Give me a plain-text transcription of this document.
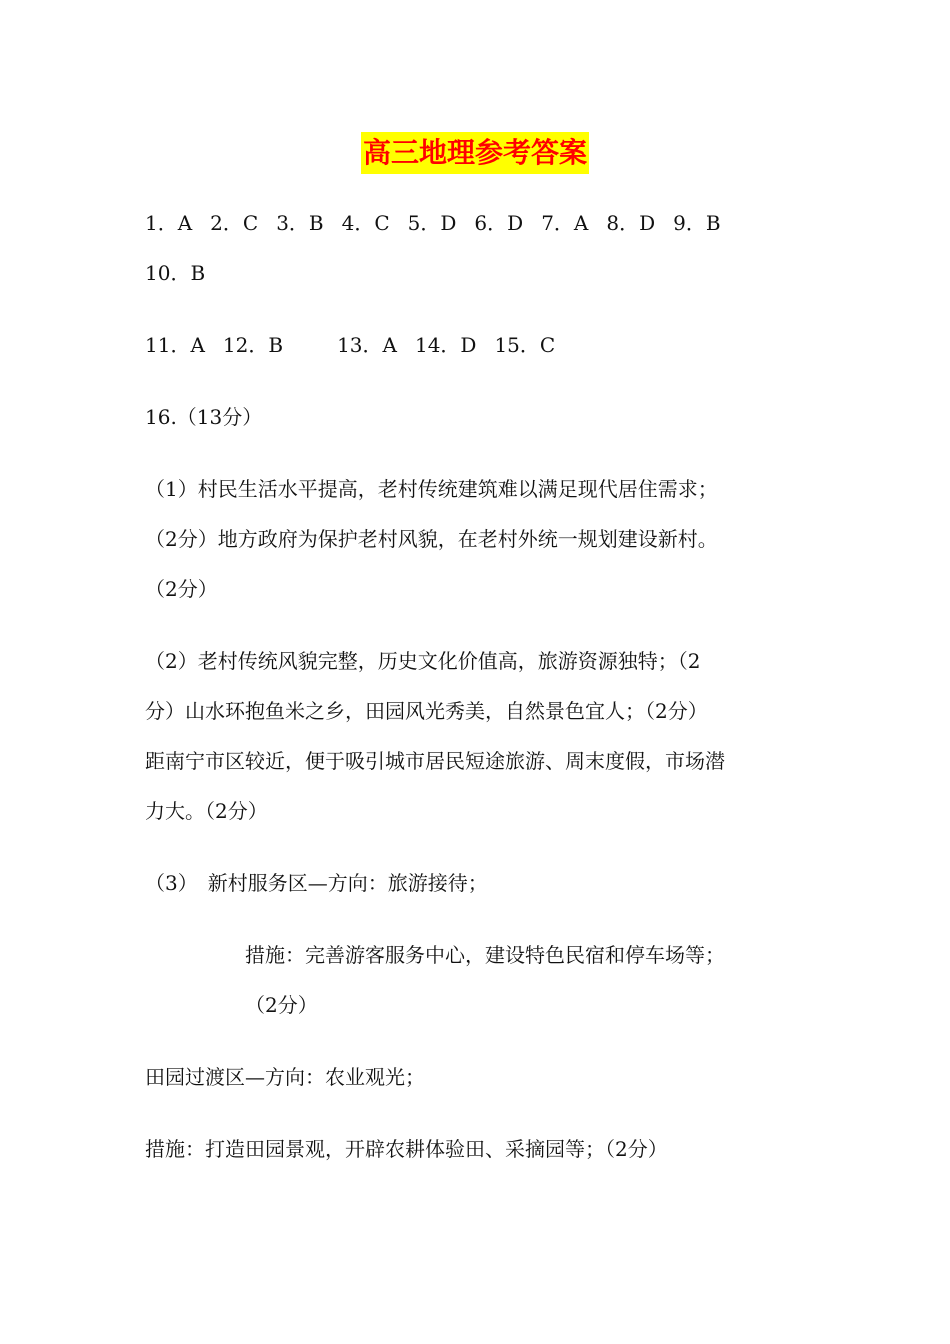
高三地理参考答案
1．A 2．C 3．B 4．C 5．D 6．D 7．A 8．D 9．B
10．B
11．A 12．B	13．A 14．D 15．C
16.（13分）
（1）村民生活水平提高，老村传统建筑难以满足现代居住需求；
（2分）地方政府为保护老村风貌，在老村外统一规划建设新村。
（2分）
（2）老村传统风貌完整，历史文化价值高，旅游资源独特；（2
分）山水环抱鱼米之乡，田园风光秀美，自然景色宜人；（2分）
距南宁市区较近，便于吸引城市居民短途旅游、周末度假，市场潜
力大。（2分）
（3）　新村服务区—方向：旅游接待；
措施：完善游客服务中心，建设特色民宿和停车场等；
（2分）
田园过渡区—方向：农业观光；
措施：打造田园景观，开辟农耕体验田、采摘园等；（2分）
